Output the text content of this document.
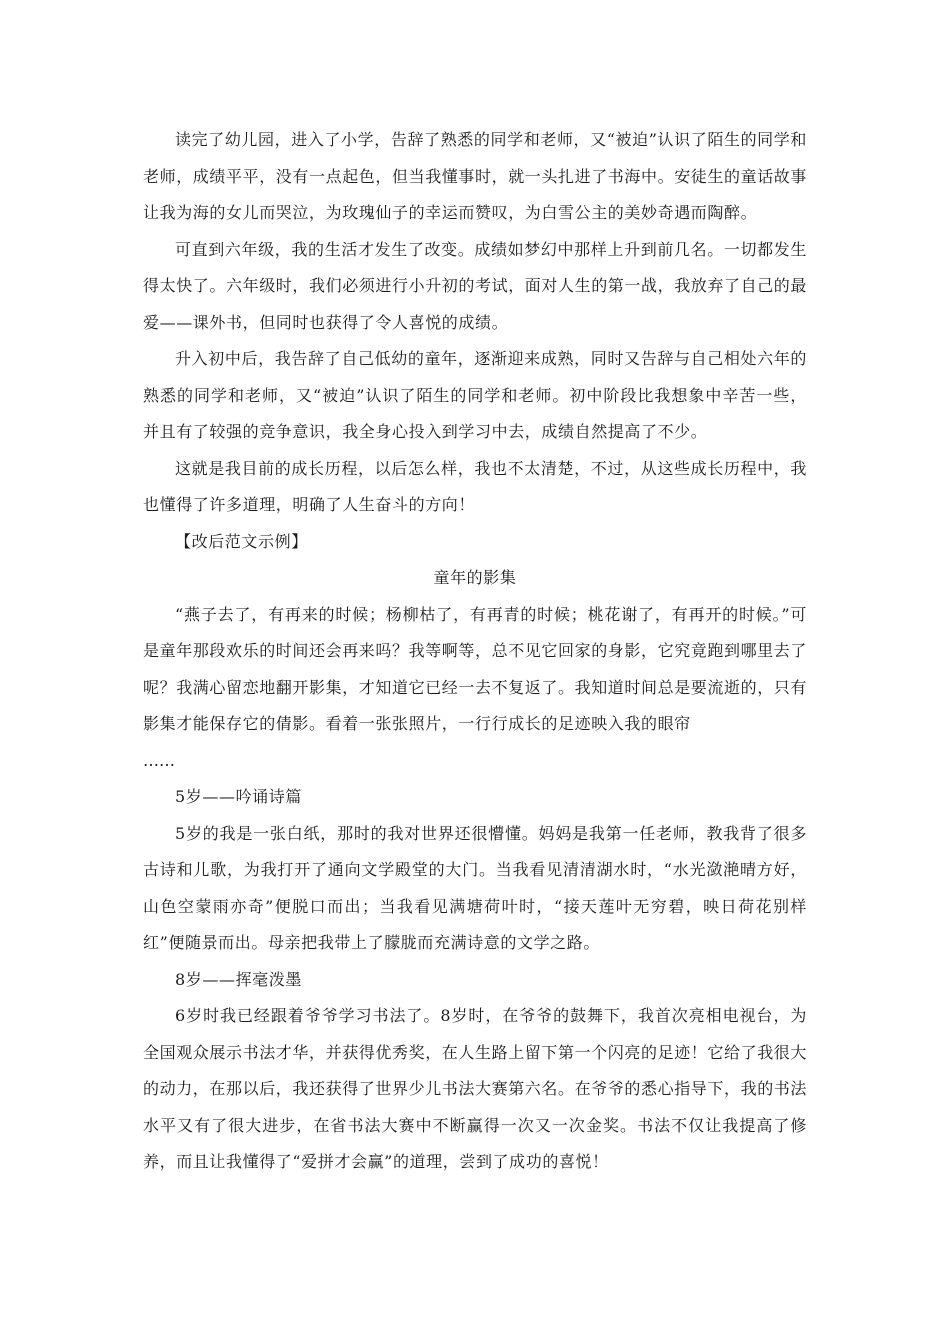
读完了幼儿园，进入了小学，告辞了熟悉的同学和老师，又“被迫”认识了陌生的同学和老师，成绩平平，没有一点起色，但当我懂事时，就一头扎进了书海中。安徒生的童话故事让我为海的女儿而哭泣，为玫瑰仙子的幸运而赞叹，为白雪公主的美妙奇遇而陶醉。

可直到六年级，我的生活才发生了改变。成绩如梦幻中那样上升到前几名。一切都发生得太快了。六年级时，我们必须进行小升初的考试，面对人生的第一战，我放弃了自己的最爱——课外书，但同时也获得了令人喜悦的成绩。

升入初中后，我告辞了自己低幼的童年，逐渐迎来成熟，同时又告辞与自己相处六年的熟悉的同学和老师，又“被迫”认识了陌生的同学和老师。初中阶段比我想象中辛苦一些，并且有了较强的竞争意识，我全身心投入到学习中去，成绩自然提高了不少。

这就是我目前的成长历程，以后怎么样，我也不太清楚，不过，从这些成长历程中，我也懂得了许多道理，明确了人生奋斗的方向！

【改后范文示例】

童年的影集

“燕子去了，有再来的时候；杨柳枯了，有再青的时候；桃花谢了，有再开的时候。”可是童年那段欢乐的时间还会再来吗？我等啊等，总不见它回家的身影，它究竟跑到哪里去了呢？我满心留恋地翻开影集，才知道它已经一去不复返了。我知道时间总是要流逝的，只有影集才能保存它的倩影。看着一张张照片，一行行成长的足迹映入我的眼帘

……

5岁——吟诵诗篇

5岁的我是一张白纸，那时的我对世界还很懵懂。妈妈是我第一任老师，教我背了很多古诗和儿歌，为我打开了通向文学殿堂的大门。当我看见清清湖水时，“水光潋滟晴方好，山色空蒙雨亦奇”便脱口而出；当我看见满塘荷叶时，“接天莲叶无穷碧，映日荷花别样红”便随景而出。母亲把我带上了朦胧而充满诗意的文学之路。

8岁——挥毫泼墨

6岁时我已经跟着爷爷学习书法了。8岁时，在爷爷的鼓舞下，我首次亮相电视台，为全国观众展示书法才华，并获得优秀奖，在人生路上留下第一个闪亮的足迹！它给了我很大的动力，在那以后，我还获得了世界少儿书法大赛第六名。在爷爷的悉心指导下，我的书法水平又有了很大进步，在省书法大赛中不断赢得一次又一次金奖。书法不仅让我提高了修养，而且让我懂得了“爱拼才会赢”的道理，尝到了成功的喜悦！
